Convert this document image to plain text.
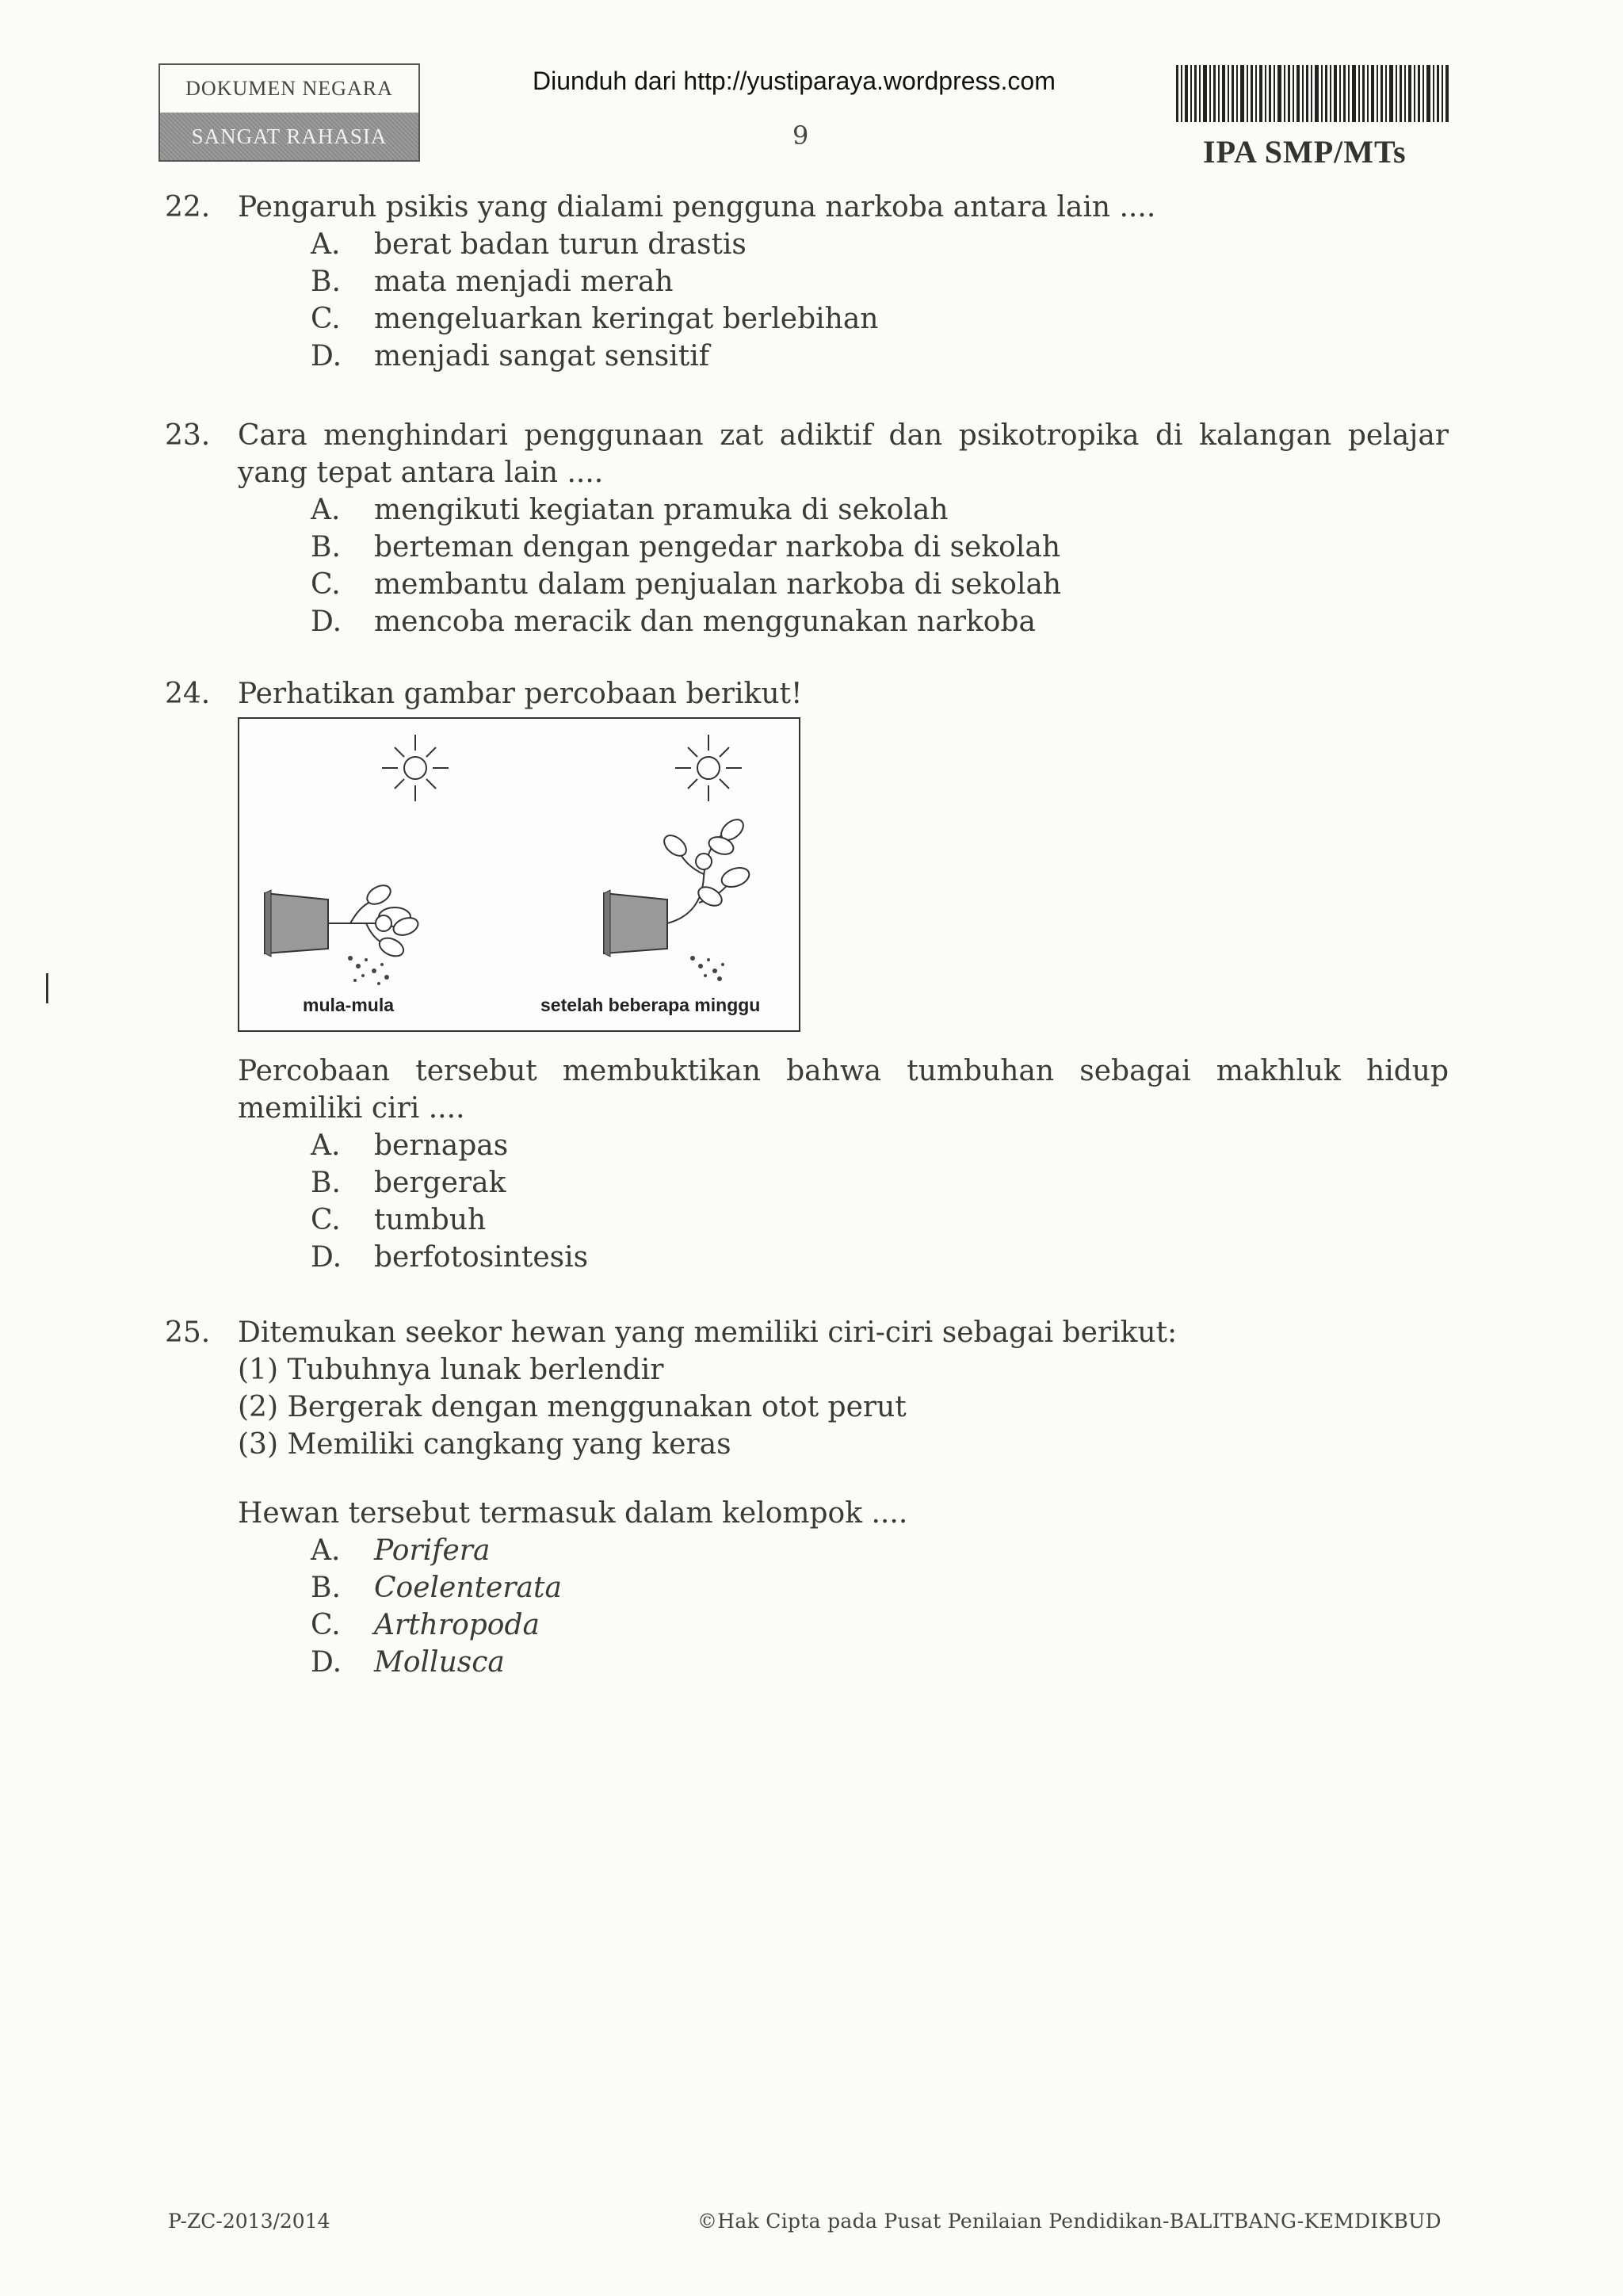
DOKUMEN NEGARA
SANGAT RAHASIA
Diunduh dari http://yustiparaya.wordpress.com
9	IPA SMP/MTs
22. Pengaruh psikis yang dialami pengguna narkoba antara lain ....
A.	berat badan turun drastis
B.	mata menjadi merah
C.	mengeluarkan keringat berlebihan
D.	menjadi sangat sensitif
23. Cara menghindari penggunaan zat adiktif dan psikotropika di kalangan pelajar yang tepat antara lain ....
A.	mengikuti kegiatan pramuka di sekolah
B.	berteman dengan pengedar narkoba di sekolah
C.	membantu dalam penjualan narkoba di sekolah
D.	mencoba meracik dan menggunakan narkoba
24. Perhatikan gambar percobaan berikut!
mula-mula	setelah beberapa minggu
Percobaan tersebut membuktikan bahwa tumbuhan sebagai makhluk hidup memiliki ciri ....
A.	bernapas
B.	bergerak
C.	tumbuh
D.	berfotosintesis
25. Ditemukan seekor hewan yang memiliki ciri-ciri sebagai berikut:
(1) Tubuhnya lunak berlendir
(2) Bergerak dengan menggunakan otot perut
(3) Memiliki cangkang yang keras
Hewan tersebut termasuk dalam kelompok ....
A.	Porifera
B.	Coelenterata
C.	Arthropoda
D.	Mollusca
P-ZC-2013/2014	©Hak Cipta pada Pusat Penilaian Pendidikan-BALITBANG-KEMDIKBUD
